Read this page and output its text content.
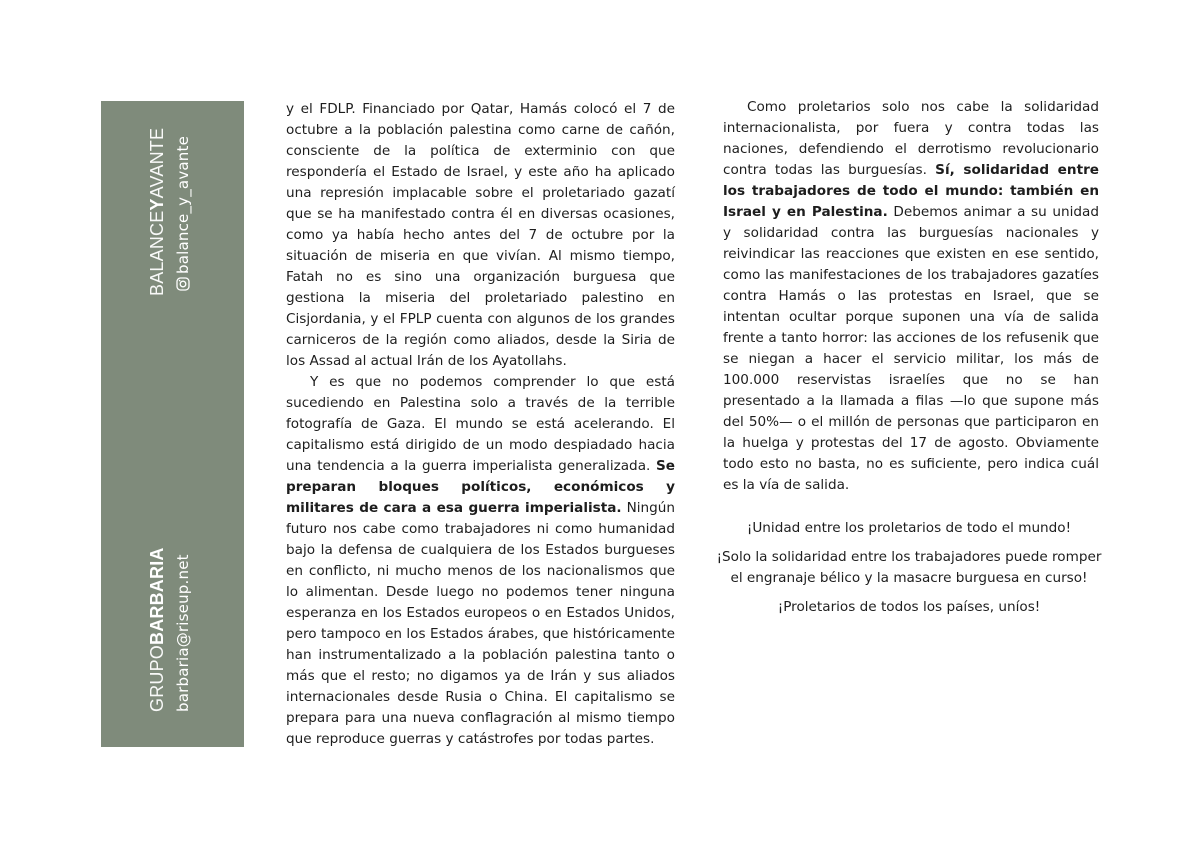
BALANCEYAVANTE balance_y_avante
GRUPOBARBARIA barbaria@riseup.net

y el FDLP. Financiado por Qatar, Hamás colocó el 7 de octubre a la población palestina como carne de cañón, consciente de la política de exterminio con que respondería el Estado de Israel, y este año ha aplicado una represión implacable sobre el proletariado gazatí que se ha manifestado contra él en diversas ocasiones, como ya había hecho antes del 7 de octubre por la situación de miseria en que vivían. Al mismo tiempo, Fatah no es sino una organización burguesa que gestiona la miseria del proletariado palestino en Cisjordania, y el FPLP cuenta con algunos de los grandes carniceros de la región como aliados, desde la Siria de los Assad al actual Irán de los Ayatollahs.

Y es que no podemos comprender lo que está sucediendo en Palestina solo a través de la terrible fotografía de Gaza. El mundo se está acelerando. El capitalismo está dirigido de un modo despiadado hacia una tendencia a la guerra imperialista generalizada. Se preparan bloques políticos, económicos y militares de cara a esa guerra imperialista. Ningún futuro nos cabe como trabajadores ni como humanidad bajo la defensa de cualquiera de los Estados burgueses en conflicto, ni mucho menos de los nacionalismos que lo alimentan. Desde luego no podemos tener ninguna esperanza en los Estados europeos o en Estados Unidos, pero tampoco en los Estados árabes, que históricamente han instrumentalizado a la población palestina tanto o más que el resto; no digamos ya de Irán y sus aliados internacionales desde Rusia o China. El capitalismo se prepara para una nueva conflagración al mismo tiempo que reproduce guerras y catástrofes por todas partes.

Como proletarios solo nos cabe la solidaridad internacionalista, por fuera y contra todas las naciones, defendiendo el derrotismo revolucionario contra todas las burguesías. Sí, solidaridad entre los trabajadores de todo el mundo: también en Israel y en Palestina. Debemos animar a su unidad y solidaridad contra las burguesías nacionales y reivindicar las reacciones que existen en ese sentido, como las manifestaciones de los trabajadores gazatíes contra Hamás o las protestas en Israel, que se intentan ocultar porque suponen una vía de salida frente a tanto horror: las acciones de los refusenik que se niegan a hacer el servicio militar, los más de 100.000 reservistas israelíes que no se han presentado a la llamada a filas —lo que supone más del 50%— o el millón de personas que participaron en la huelga y protestas del 17 de agosto. Obviamente todo esto no basta, no es suficiente, pero indica cuál es la vía de salida.

¡Unidad entre los proletarios de todo el mundo!

¡Solo la solidaridad entre los trabajadores puede romper el engranaje bélico y la masacre burguesa en curso!

¡Proletarios de todos los países, uníos!
